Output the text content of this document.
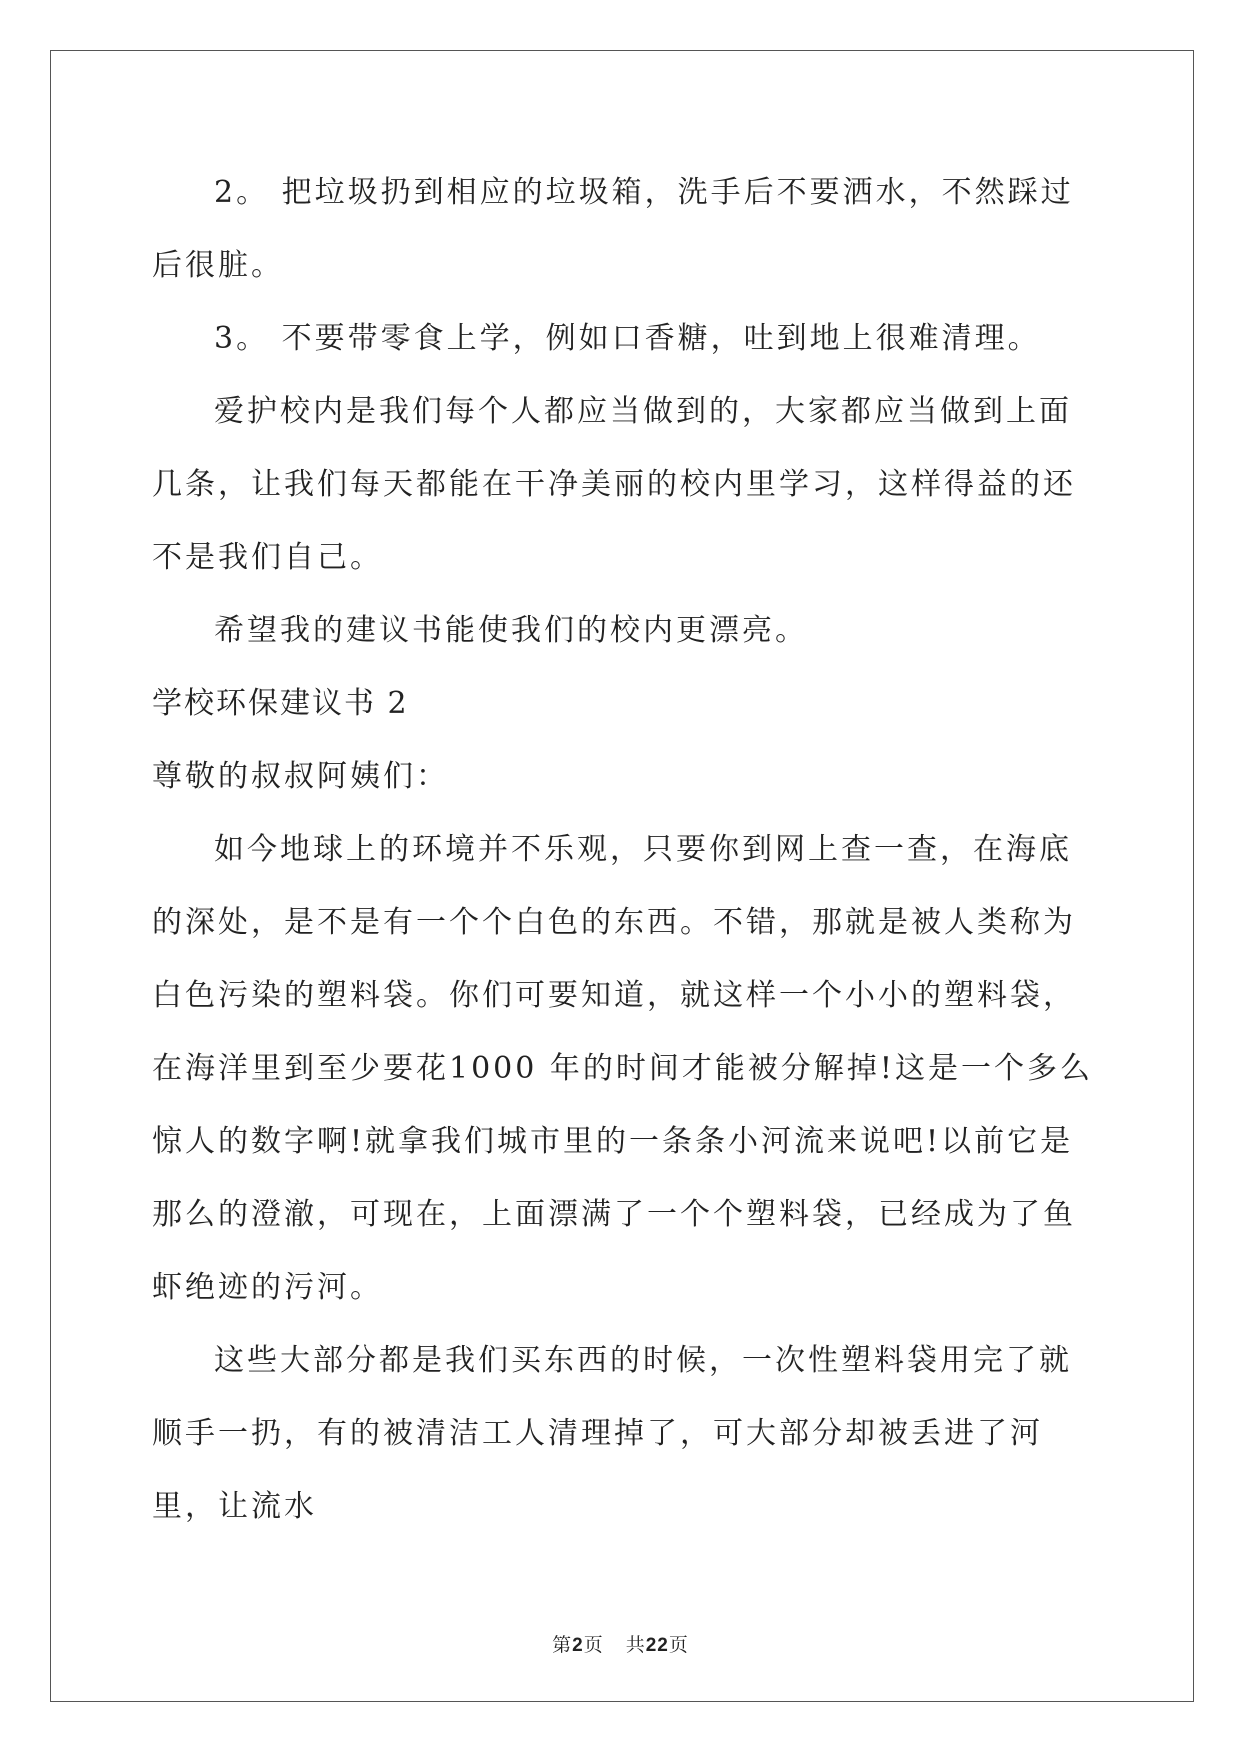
2。 把垃圾扔到相应的垃圾箱，洗手后不要洒水，不然踩过后很脏。

3。 不要带零食上学，例如口香糖，吐到地上很难清理。

爱护校内是我们每个人都应当做到的，大家都应当做到上面几条，让我们每天都能在干净美丽的校内里学习，这样得益的还不是我们自己。

希望我的建议书能使我们的校内更漂亮。

学校环保建议书 2

尊敬的叔叔阿姨们：

如今地球上的环境并不乐观，只要你到网上查一查，在海底的深处，是不是有一个个白色的东西。不错，那就是被人类称为白色污染的塑料袋。你们可要知道，就这样一个小小的塑料袋，在海洋里到至少要花1000 年的时间才能被分解掉!这是一个多么惊人的数字啊!就拿我们城市里的一条条小河流来说吧!以前它是那么的澄澈，可现在，上面漂满了一个个塑料袋，已经成为了鱼虾绝迹的污河。

这些大部分都是我们买东西的时候，一次性塑料袋用完了就顺手一扔，有的被清洁工人清理掉了，可大部分却被丢进了河里，让流水

第2页 共22页
